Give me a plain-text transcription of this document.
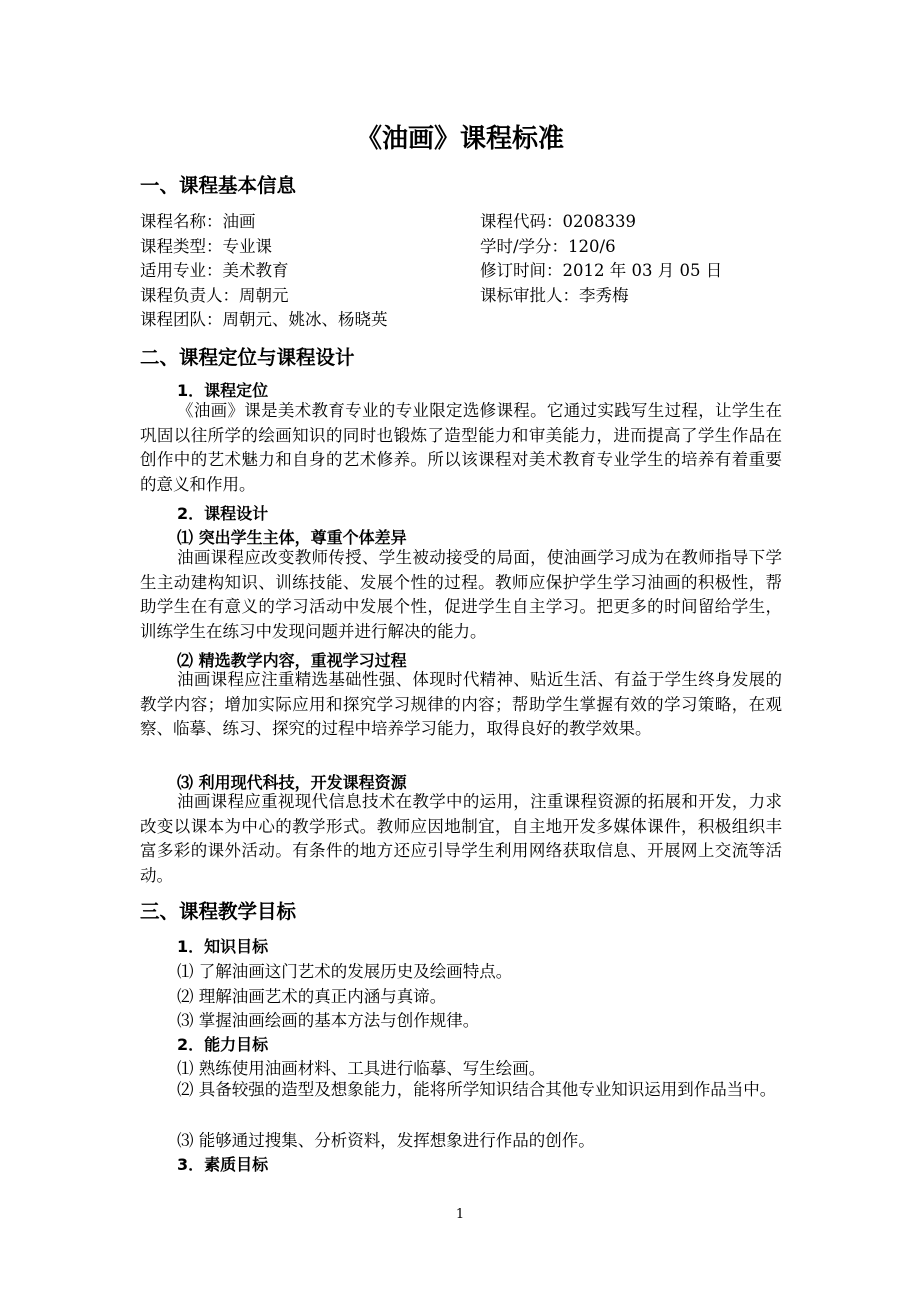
《油画》课程标准
一、课程基本信息
课程名称：油画	课程代码：0208339
课程类型：专业课	学时/学分：120/6
适用专业：美术教育	修订时间：2012 年 03 月 05 日
课程负责人：周朝元	课标审批人：李秀梅
课程团队：周朝元、姚冰、杨晓英
二、课程定位与课程设计
1．课程定位
《油画》课是美术教育专业的专业限定选修课程。它通过实践写生过程，让学生在巩固以往所学的绘画知识的同时也锻炼了造型能力和审美能力，进而提高了学生作品在创作中的艺术魅力和自身的艺术修养。所以该课程对美术教育专业学生的培养有着重要的意义和作用。
2．课程设计
⑴ 突出学生主体，尊重个体差异
油画课程应改变教师传授、学生被动接受的局面，使油画学习成为在教师指导下学生主动建构知识、训练技能、发展个性的过程。教师应保护学生学习油画的积极性，帮助学生在有意义的学习活动中发展个性，促进学生自主学习。把更多的时间留给学生，训练学生在练习中发现问题并进行解决的能力。
⑵ 精选教学内容，重视学习过程
油画课程应注重精选基础性强、体现时代精神、贴近生活、有益于学生终身发展的教学内容；增加实际应用和探究学习规律的内容；帮助学生掌握有效的学习策略，在观察、临摹、练习、探究的过程中培养学习能力，取得良好的教学效果。
⑶ 利用现代科技，开发课程资源
油画课程应重视现代信息技术在教学中的运用，注重课程资源的拓展和开发，力求改变以课本为中心的教学形式。教师应因地制宜，自主地开发多媒体课件，积极组织丰富多彩的课外活动。有条件的地方还应引导学生利用网络获取信息、开展网上交流等活动。
三、课程教学目标
1．知识目标
⑴ 了解油画这门艺术的发展历史及绘画特点。
⑵ 理解油画艺术的真正内涵与真谛。
⑶ 掌握油画绘画的基本方法与创作规律。
2．能力目标
⑴ 熟练使用油画材料、工具进行临摹、写生绘画。
⑵ 具备较强的造型及想象能力，能将所学知识结合其他专业知识运用到作品当中。
⑶ 能够通过搜集、分析资料，发挥想象进行作品的创作。
3．素质目标
1
